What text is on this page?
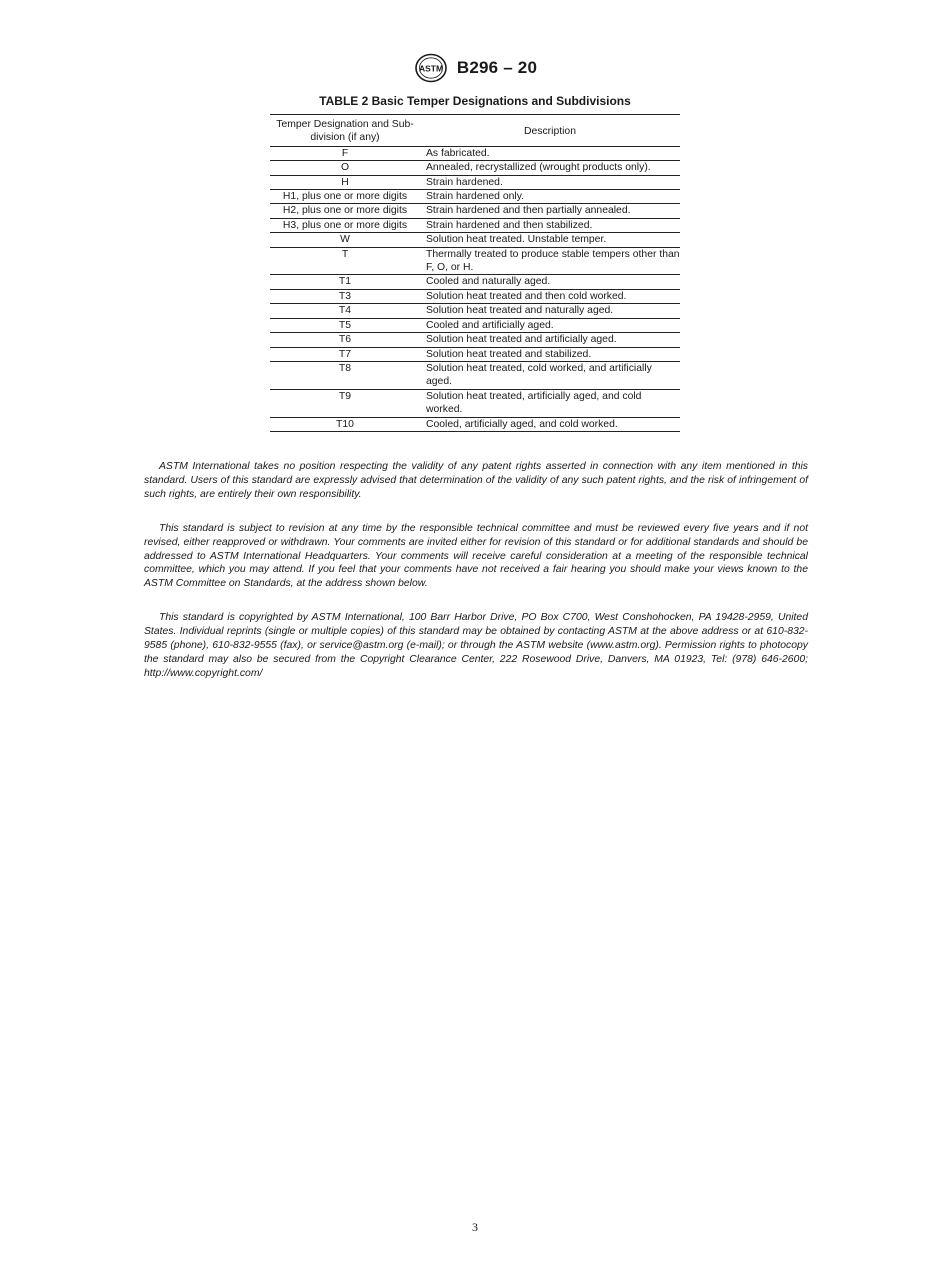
ASTM B296 – 20
TABLE 2 Basic Temper Designations and Subdivisions
Temper Designation and Sub-division (if any)	Description
F	As fabricated.
O	Annealed, recrystallized (wrought products only).
H	Strain hardened.
H1, plus one or more digits	Strain hardened only.
H2, plus one or more digits	Strain hardened and then partially annealed.
H3, plus one or more digits	Strain hardened and then stabilized.
W	Solution heat treated. Unstable temper.
T	Thermally treated to produce stable tempers other than F, O, or H.
T1	Cooled and naturally aged.
T3	Solution heat treated and then cold worked.
T4	Solution heat treated and naturally aged.
T5	Cooled and artificially aged.
T6	Solution heat treated and artificially aged.
T7	Solution heat treated and stabilized.
T8	Solution heat treated, cold worked, and artificially aged.
T9	Solution heat treated, artificially aged, and cold worked.
T10	Cooled, artificially aged, and cold worked.

ASTM International takes no position respecting the validity of any patent rights asserted in connection with any item mentioned in this standard. Users of this standard are expressly advised that determination of the validity of any such patent rights, and the risk of infringement of such rights, are entirely their own responsibility.

This standard is subject to revision at any time by the responsible technical committee and must be reviewed every five years and if not revised, either reapproved or withdrawn. Your comments are invited either for revision of this standard or for additional standards and should be addressed to ASTM International Headquarters. Your comments will receive careful consideration at a meeting of the responsible technical committee, which you may attend. If you feel that your comments have not received a fair hearing you should make your views known to the ASTM Committee on Standards, at the address shown below.

This standard is copyrighted by ASTM International, 100 Barr Harbor Drive, PO Box C700, West Conshohocken, PA 19428-2959, United States. Individual reprints (single or multiple copies) of this standard may be obtained by contacting ASTM at the above address or at 610-832-9585 (phone), 610-832-9555 (fax), or service@astm.org (e-mail); or through the ASTM website (www.astm.org). Permission rights to photocopy the standard may also be secured from the Copyright Clearance Center, 222 Rosewood Drive, Danvers, MA 01923, Tel: (978) 646-2600; http://www.copyright.com/

3
